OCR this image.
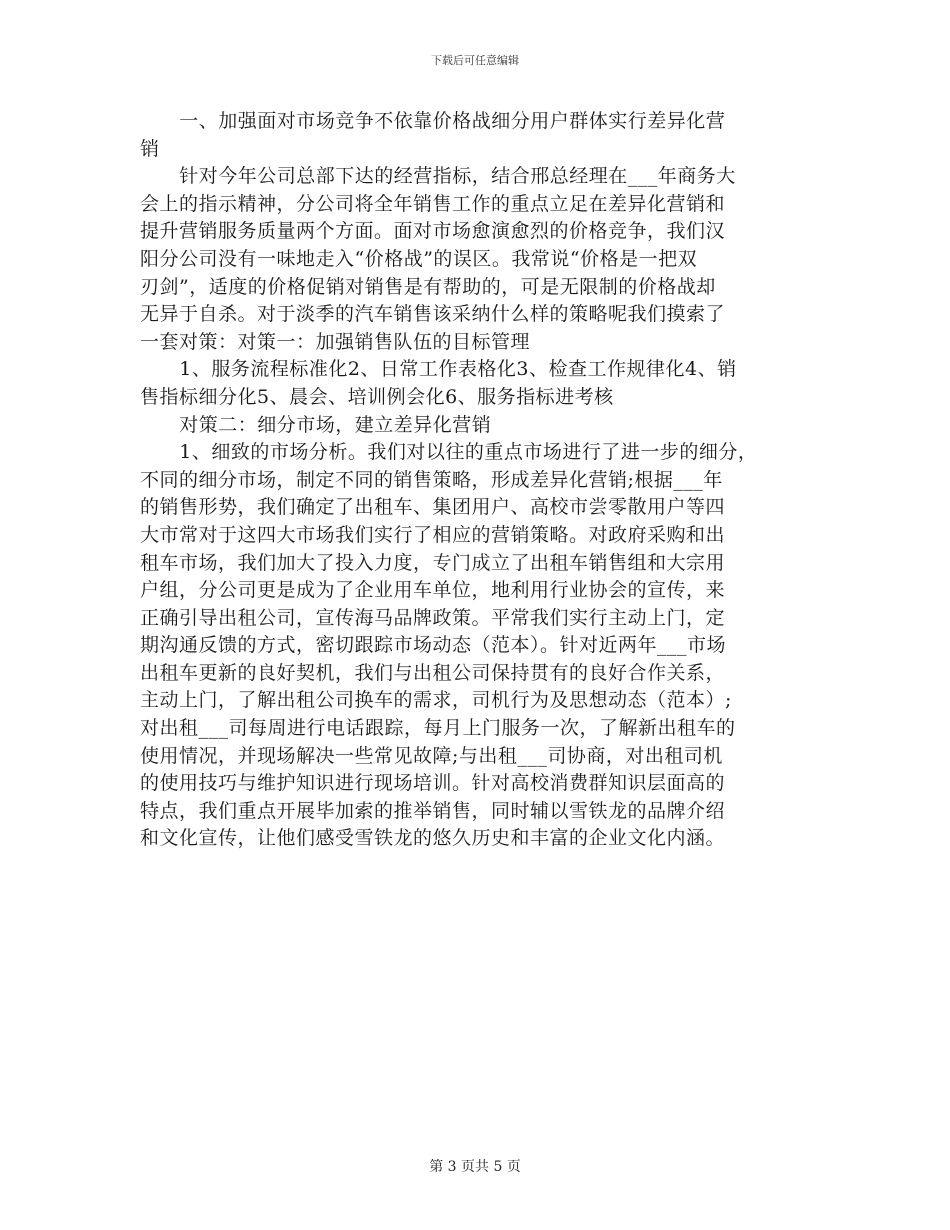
下载后可任意编辑
一、加强面对市场竞争不依靠价格战细分用户群体实行差异化营
销
针对今年公司总部下达的经营指标，结合邢总经理在___年商务大
会上的指示精神，分公司将全年销售工作的重点立足在差异化营销和
提升营销服务质量两个方面。面对市场愈演愈烈的价格竞争，我们汉
阳分公司没有一味地走入“价格战”的误区。我常说“价格是一把双
刃剑”，适度的价格促销对销售是有帮助的，可是无限制的价格战却
无异于自杀。对于淡季的汽车销售该采纳什么样的策略呢我们摸索了
一套对策：对策一：加强销售队伍的目标管理
1、服务流程标准化2、日常工作表格化3、检查工作规律化4、销
售指标细分化5、晨会、培训例会化6、服务指标进考核
对策二：细分市场，建立差异化营销
1、细致的市场分析。我们对以往的重点市场进行了进一步的细分，
不同的细分市场，制定不同的销售策略，形成差异化营销;根据___年
的销售形势，我们确定了出租车、集团用户、高校市尝零散用户等四
大市常对于这四大市场我们实行了相应的营销策略。对政府采购和出
租车市场，我们加大了投入力度，专门成立了出租车销售组和大宗用
户组，分公司更是成为了企业用车单位，地利用行业协会的宣传，来
正确引导出租公司，宣传海马品牌政策。平常我们实行主动上门，定
期沟通反馈的方式，密切跟踪市场动态（范本）。针对近两年___市场
出租车更新的良好契机，我们与出租公司保持贯有的良好合作关系，
主动上门，了解出租公司换车的需求，司机行为及思想动态（范本）;
对出租___司每周进行电话跟踪，每月上门服务一次，了解新出租车的
使用情况，并现场解决一些常见故障;与出租___司协商，对出租司机
的使用技巧与维护知识进行现场培训。针对高校消费群知识层面高的
特点，我们重点开展毕加索的推举销售，同时辅以雪铁龙的品牌介绍
和文化宣传，让他们感受雪铁龙的悠久历史和丰富的企业文化内涵。
第 3 页共 5 页
